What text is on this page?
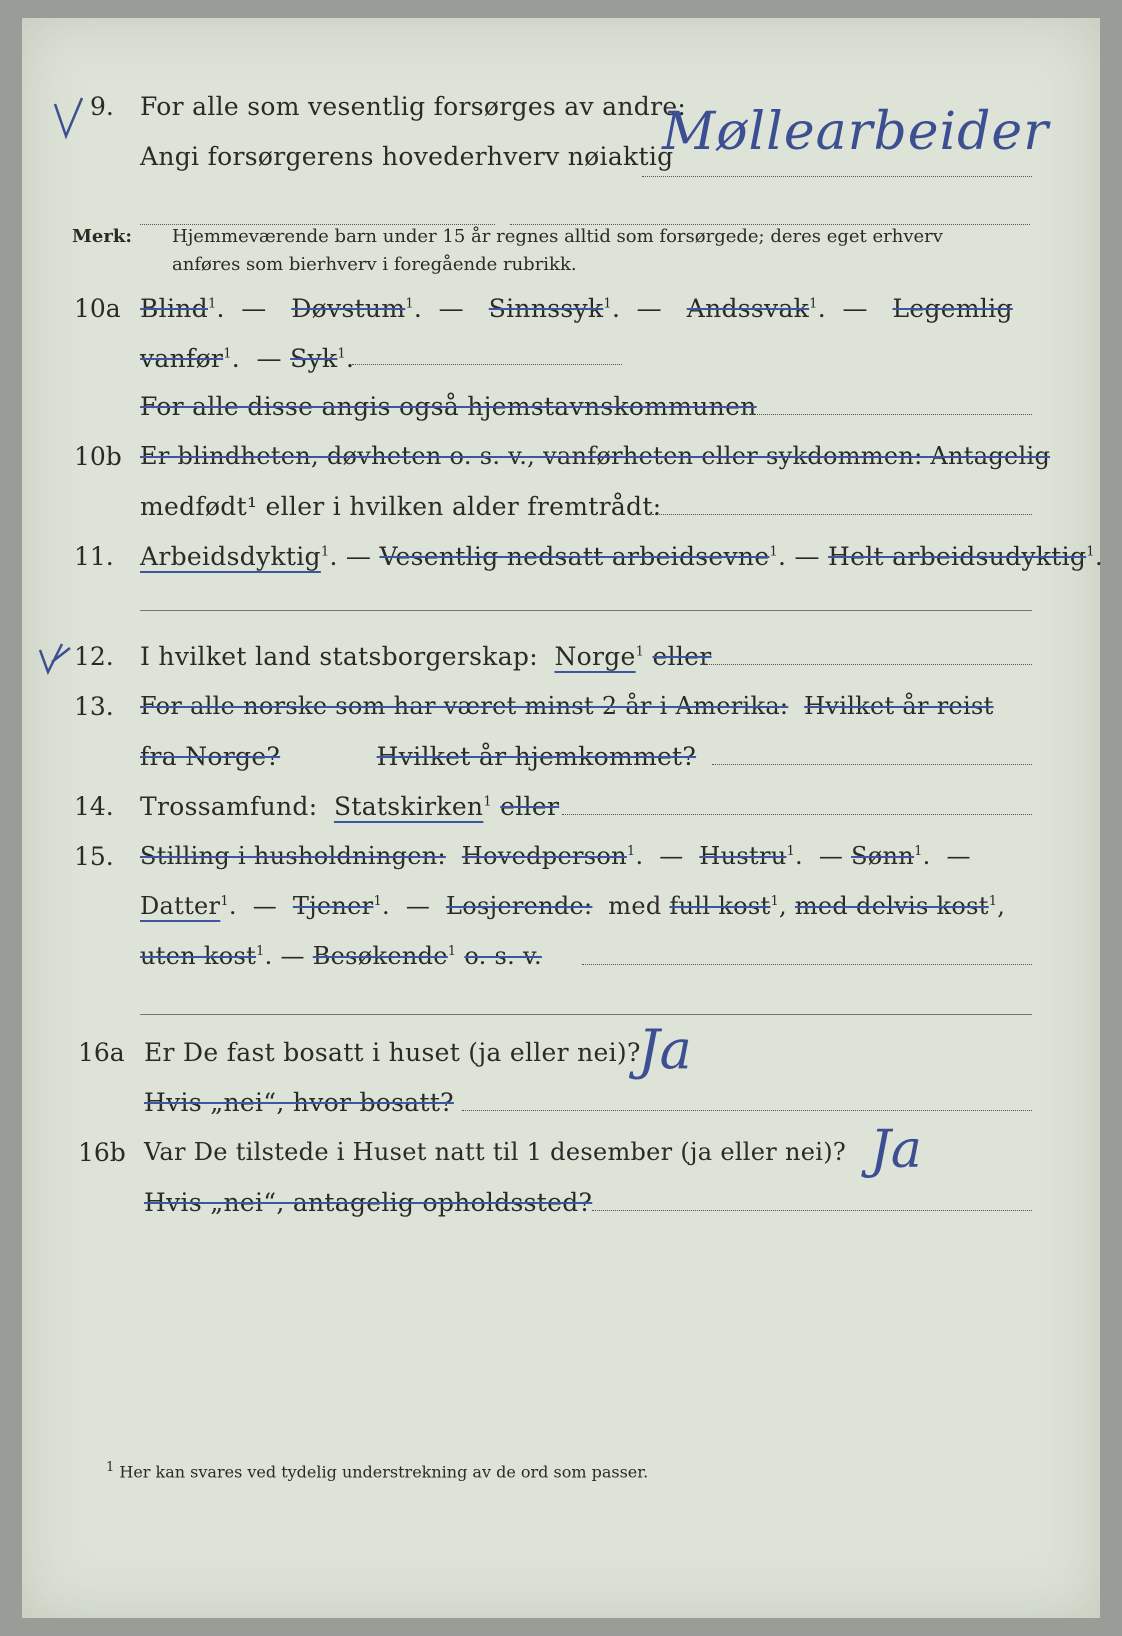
9. For alle som vesentlig forsørges av andre:
Angi forsørgerens hovederhverv nøiaktig
Møllearbeider
Merk: Hjemmeværende barn under 15 år regnes alltid som forsørgede; deres eget erhverv
anføres som bierhverv i foregående rubrikk.
10a Blind$^1$.  —   Døvstum$^1$.  —   Sinnssyk$^1$.  —   Andssvak$^1$.  —   Legemlig
vanfør$^1$.  — Syk$^1$.
For alle disse angis også hjemstavnskommunen
10b Er blindheten, døvheten o. s. v., vanførheten eller sykdommen: Antagelig
medfødt¹ eller i hvilken alder fremtrådt:
11. Arbeidsdyktig$^1$. — Vesentlig nedsatt arbeidsevne$^1$. — Helt arbeidsudyktig$^1$.
12. I hvilket land statsborgerskap: Norge$^1$ eller
13. For alle norske som har været minst 2 år i Amerika: Hvilket år reist
fra Norge?	Hvilket år hjemkommet?
14. Trossamfund: Statskirken$^1$ eller
15. Stilling i husholdningen: Hovedperson$^1$.  —  Hustru$^1$.  — Sønn$^1$.  —
Datter$^1$.  —  Tjener$^1$.  —  Losjerende: med full kost$^1$, med delvis kost$^1$,
uten kost$^1$. — Besøkende$^1$ o. s. v.
16a Er De fast bosatt i huset (ja eller nei)?
Ja
Hvis „nei“, hvor bosatt?
16b Var De tilstede i Huset natt til 1 desember (ja eller nei)? Ja
Hvis „nei“, antagelig opholdssted?
$^1$ Her kan svares ved tydelig understrekning av de ord som passer.
